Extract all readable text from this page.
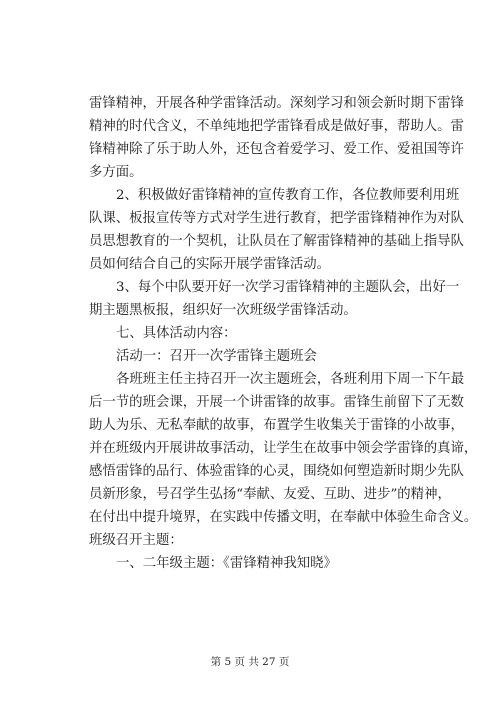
雷锋精神，开展各种学雷锋活动。深刻学习和领会新时期下雷锋
精神的时代含义，不单纯地把学雷锋看成是做好事，帮助人。雷
锋精神除了乐于助人外，还包含着爱学习、爱工作、爱祖国等许
多方面。

2、积极做好雷锋精神的宣传教育工作，各位教师要利用班
队课、板报宣传等方式对学生进行教育，把学雷锋精神作为对队
员思想教育的一个契机，让队员在了解雷锋精神的基础上指导队
员如何结合自己的实际开展学雷锋活动。

3、每个中队要开好一次学习雷锋精神的主题队会，出好一
期主题黑板报，组织好一次班级学雷锋活动。

七、具体活动内容：

活动一：召开一次学雷锋主题班会

各班班主任主持召开一次主题班会，各班利用下周一下午最
后一节的班会课，开展一个讲雷锋的故事。雷锋生前留下了无数
助人为乐、无私奉献的故事，布置学生收集关于雷锋的小故事，
并在班级内开展讲故事活动，让学生在故事中领会学雷锋的真谛，
感悟雷锋的品行、体验雷锋的心灵，围绕如何塑造新时期少先队
员新形象，号召学生弘扬“奉献、友爱、互助、进步”的精神，
在付出中提升境界，在实践中传播文明，在奉献中体验生命含义。
班级召开主题：

一、二年级主题：《雷锋精神我知晓》

第 5 页 共 27 页
